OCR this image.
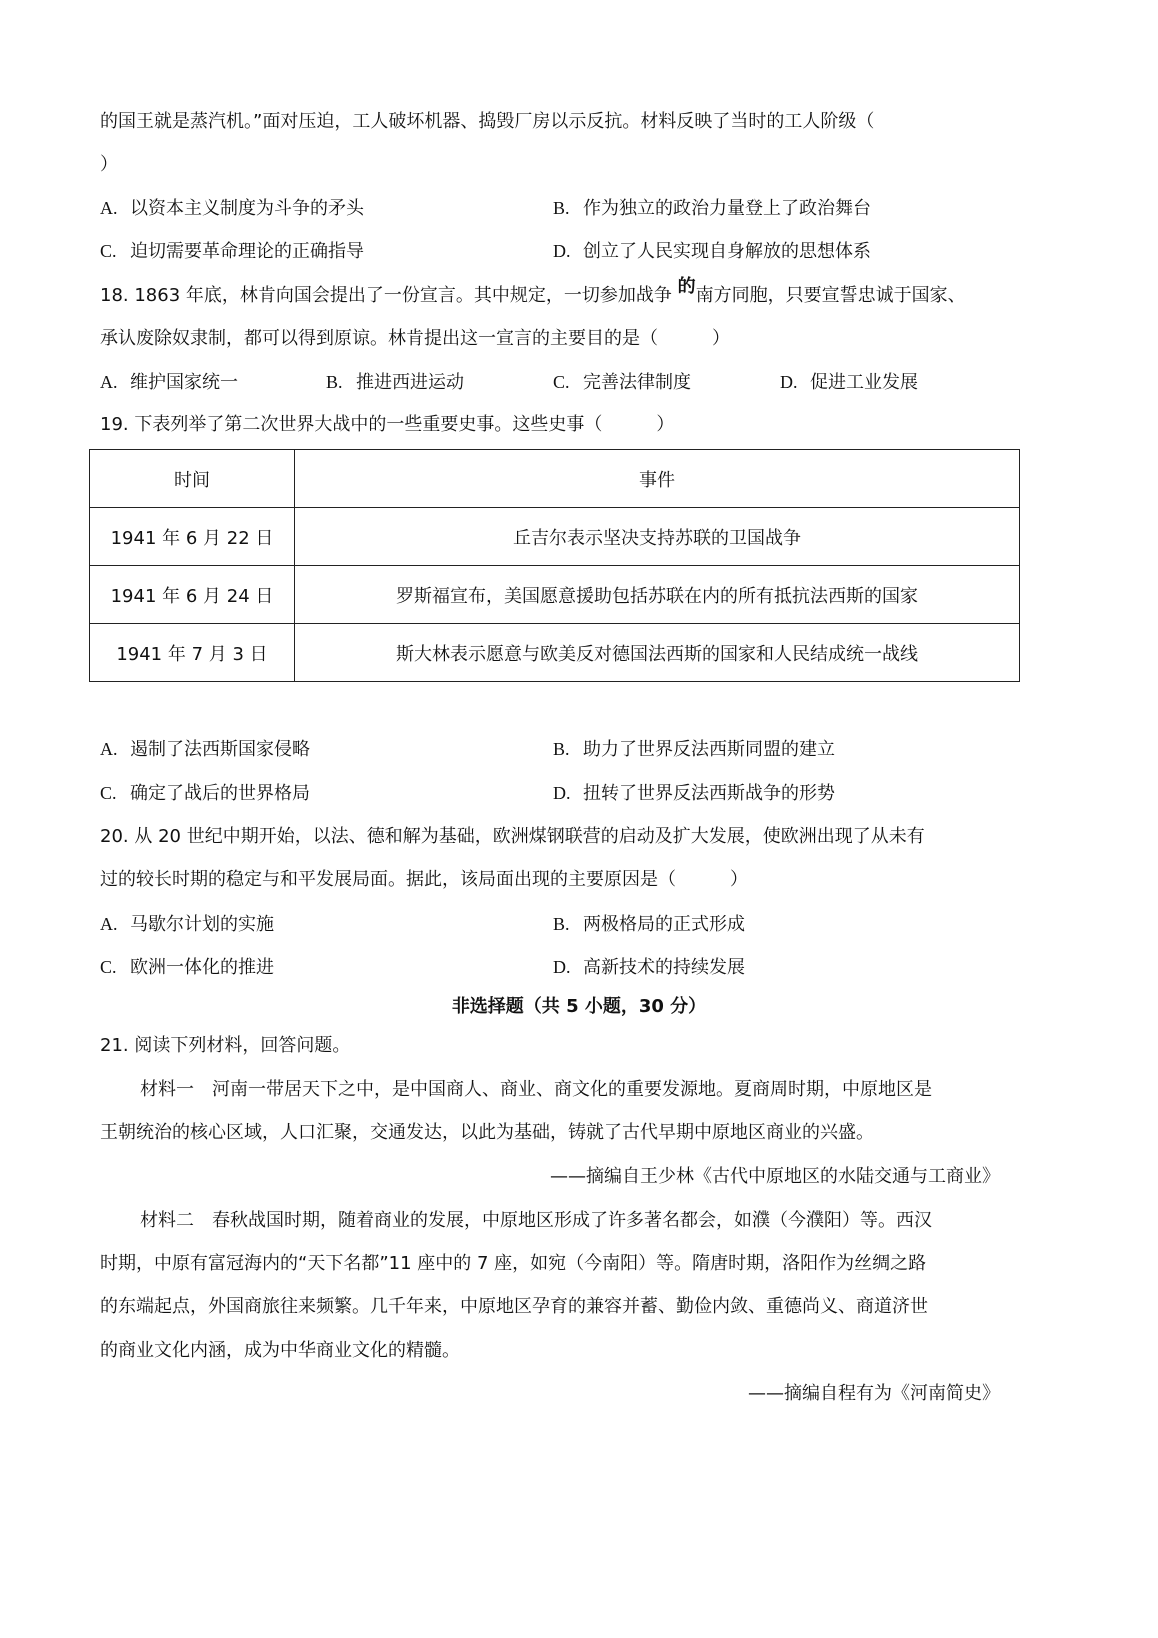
的国王就是蒸汽机。”面对压迫，工人破坏机器、捣毁厂房以示反抗。材料反映了当时的工人阶级（
）
A. 以资本主义制度为斗争的矛头	B. 作为独立的政治力量登上了政治舞台
C. 迫切需要革命理论的正确指导	D. 创立了人民实现自身解放的思想体系
18. 1863 年底，林肯向国会提出了一份宣言。其中规定，一切参加战争 的南方同胞，只要宣誓忠诚于国家、
承认废除奴隶制，都可以得到原谅。林肯提出这一宣言的主要目的是（　　　）
A. 维护国家统一	B. 推进西进运动	C. 完善法律制度	D. 促进工业发展
19. 下表列举了第二次世界大战中的一些重要史事。这些史事（　　　）
时间	事件
1941 年 6 月 22 日	丘吉尔表示坚决支持苏联的卫国战争
1941 年 6 月 24 日	罗斯福宣布，美国愿意援助包括苏联在内的所有抵抗法西斯的国家
1941 年 7 月 3 日	斯大林表示愿意与欧美反对德国法西斯的国家和人民结成统一战线
A. 遏制了法西斯国家侵略	B. 助力了世界反法西斯同盟的建立
C. 确定了战后的世界格局	D. 扭转了世界反法西斯战争的形势
20. 从 20 世纪中期开始，以法、德和解为基础，欧洲煤钢联营的启动及扩大发展，使欧洲出现了从未有
过的较长时期的稳定与和平发展局面。据此，该局面出现的主要原因是（　　　）
A. 马歇尔计划的实施	B. 两极格局的正式形成
C. 欧洲一体化的推进	D. 高新技术的持续发展
非选择题（共 5 小题，30 分）
21. 阅读下列材料，回答问题。
材料一　河南一带居天下之中，是中国商人、商业、商文化的重要发源地。夏商周时期，中原地区是
王朝统治的核心区域，人口汇聚，交通发达，以此为基础，铸就了古代早期中原地区商业的兴盛。
——摘编自王少林《古代中原地区的水陆交通与工商业》
材料二　春秋战国时期，随着商业的发展，中原地区形成了许多著名都会，如濮（今濮阳）等。西汉
时期，中原有富冠海内的“天下名都”11 座中的 7 座，如宛（今南阳）等。隋唐时期，洛阳作为丝绸之路
的东端起点，外国商旅往来频繁。几千年来，中原地区孕育的兼容并蓄、勤俭内敛、重德尚义、商道济世
的商业文化内涵，成为中华商业文化的精髓。
——摘编自程有为《河南简史》
